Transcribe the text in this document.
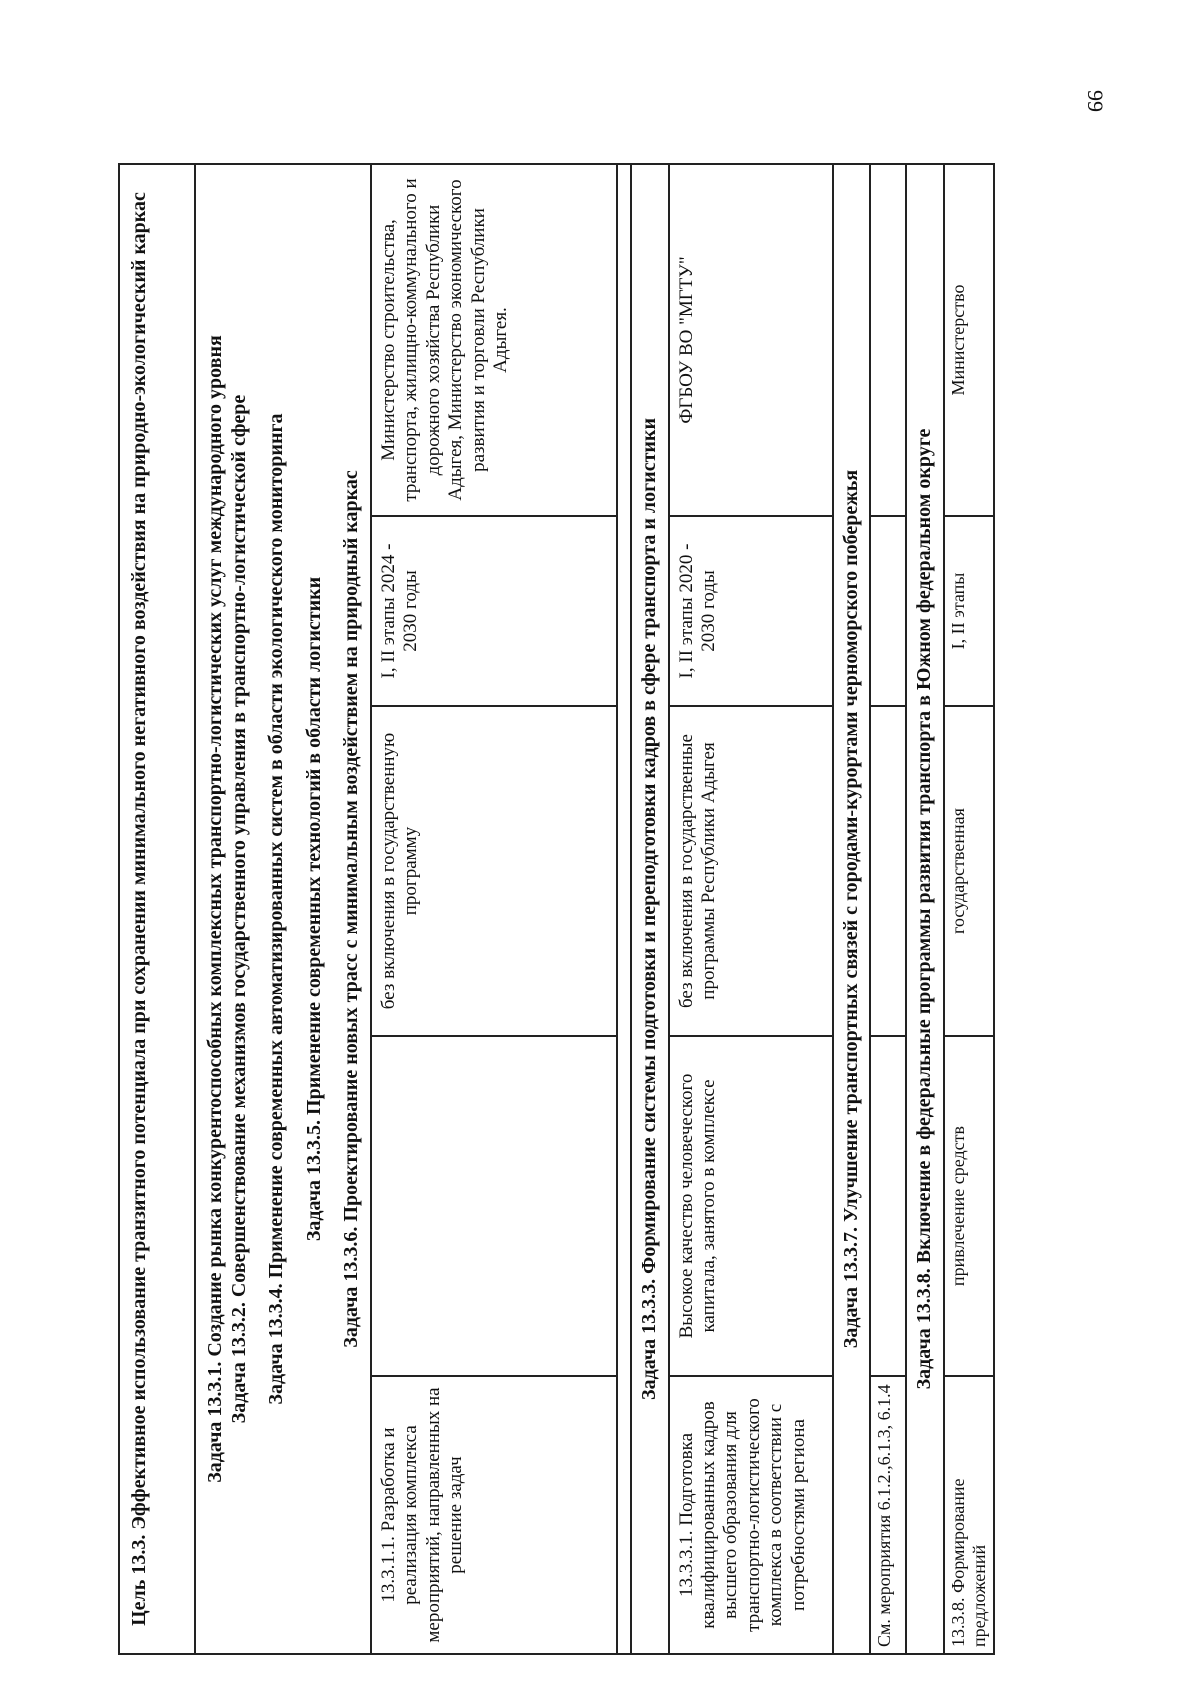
99
Цель 13.3. Эффективное использование транзитного потенциала при сохранении минимального негативного воздействия на природно-экологический каркас				

Задача 13.3.1. Создание рынка конкурентоспособных комплексных транспортно-логистических услуг международного уровня Задача 13.3.2. Совершенствование механизмов государственного управления в транспортно-логистической сфере Задача 13.3.4. Применение современных автоматизированных систем в области экологического мониторинга Задача 13.3.5. Применение современных технологий в области логистики Задача 13.3.6. Проектирование новых трасс с минимальным воздействием на природный каркас				

13.3.1.1. Разработка и реализация комплекса мероприятий, направленных на решение задач		без включения в государственную программу	I, II этапы 2024 - 2030 годы	Министерство строительства, транспорта, жилищно-коммунального и дорожного хозяйства Республики Адыгея, Министерство экономического развития и торговли Республики Адыгея.

Задача 13.3.3. Формирование системы подготовки и переподготовки кадров в сфере транспорта и логистики				
13.3.3.1. Подготовка квалифицированных кадров высшего образования для транспортно-логистического комплекса в соответствии с потребностями региона	Высокое качество человеческого капитала, занятого в комплексе	без включения в государственные программы Республики Адыгея	I, II этапы 2020 - 2030 годы	ФГБОУ ВО "МГТУ"
Задача 13.3.7. Улучшение транспортных связей с городами-курортами черноморского побережья				
См. мероприятия 6.1.2.,6.1.3, 6.1.4				
Задача 13.3.8. Включение в федеральные программы развития транспорта в Южном федеральном округе				
13.3.8. Формирование предложений	привлечение средств	государственная	I, II этапы	Министерство
